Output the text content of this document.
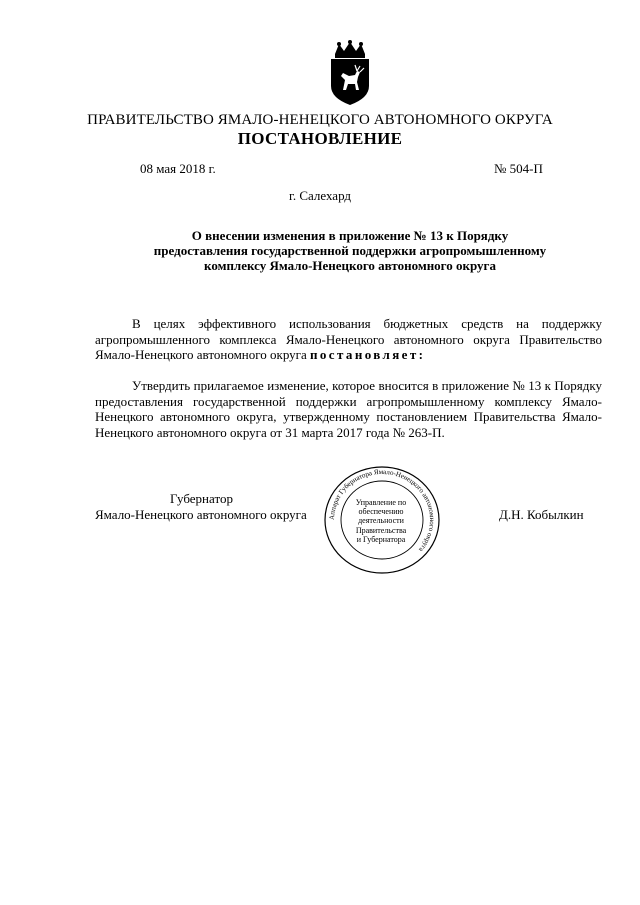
ПРАВИТЕЛЬСТВО ЯМАЛО-НЕНЕЦКОГО АВТОНОМНОГО ОКРУГА
ПОСТАНОВЛЕНИЕ
08 мая 2018 г.	№ 504-П
г. Салехард
О внесении изменения в приложение № 13 к Порядку предоставления государственной поддержки агропромышленному комплексу Ямало-Ненецкого автономного округа

В целях эффективного использования бюджетных средств на поддержку агропромышленного комплекса Ямало-Ненецкого автономного округа Правительство Ямало-Ненецкого автономного округа постановляет:

Утвердить прилагаемое изменение, которое вносится в приложение № 13 к Порядку предоставления государственной поддержки агропромышленному комплексу Ямало-Ненецкого автономного округа, утвержденному постановлением Правительства Ямало-Ненецкого автономного округа от 31 марта 2017 года № 263-П.

Губернатор
Ямало-Ненецкого автономного округа	Д.Н. Кобылкин
Аппарат Губернатора Ямало-Ненецкого автономного округа
Управление по
обеспечению
деятельности
Правительства
и Губернатора
